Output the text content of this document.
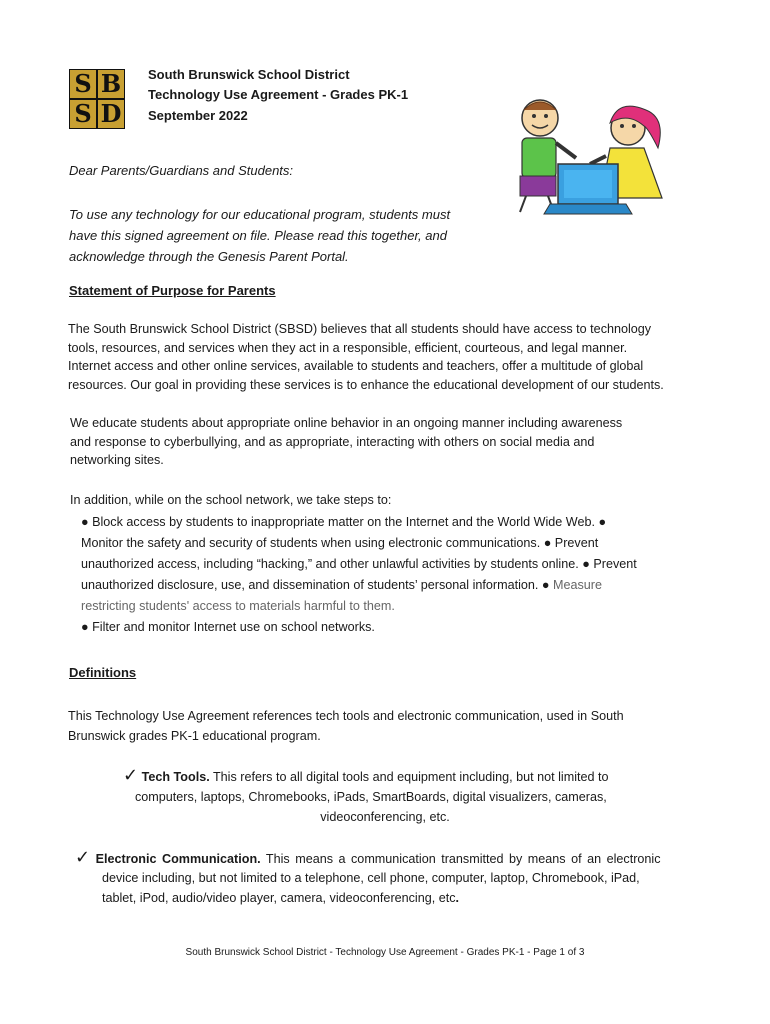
S B
S D
South Brunswick School District
Technology Use Agreement - Grades PK-1
September 2022
Dear Parents/Guardians and Students:
To use any technology for our educational program, students must
have this signed agreement on file. Please read this together, and
acknowledge through the Genesis Parent Portal.
Statement of Purpose for Parents
The South Brunswick School District (SBSD) believes that all students should have access to technology
tools, resources, and services when they act in a responsible, efficient, courteous, and legal manner.
Internet access and other online services, available to students and teachers, offer a multitude of global
resources. Our goal in providing these services is to enhance the educational development of our students.
We educate students about appropriate online behavior in an ongoing manner including awareness
and response to cyberbullying, and as appropriate, interacting with others on social media and
networking sites.
In addition, while on the school network, we take steps to:
● Block access by students to inappropriate matter on the Internet and the World Wide Web. ●
Monitor the safety and security of students when using electronic communications. ● Prevent
unauthorized access, including “hacking,” and other unlawful activities by students online. ● Prevent
unauthorized disclosure, use, and dissemination of students’ personal information. ● Measure
restricting students' access to materials harmful to them.
● Filter and monitor Internet use on school networks.
Definitions
This Technology Use Agreement references tech tools and electronic communication, used in South
Brunswick grades PK-1 educational program.
✓ Tech Tools. This refers to all digital tools and equipment including, but not limited to
computers, laptops, Chromebooks, iPads, SmartBoards, digital visualizers, cameras,
videoconferencing, etc.
✓ Electronic Communication. This means a communication transmitted by means of an electronic
device including, but not limited to a telephone, cell phone, computer, laptop, Chromebook, iPad,
tablet, iPod, audio/video player, camera, videoconferencing, etc.
South Brunswick School District - Technology Use Agreement - Grades PK-1 - Page 1 of 3
